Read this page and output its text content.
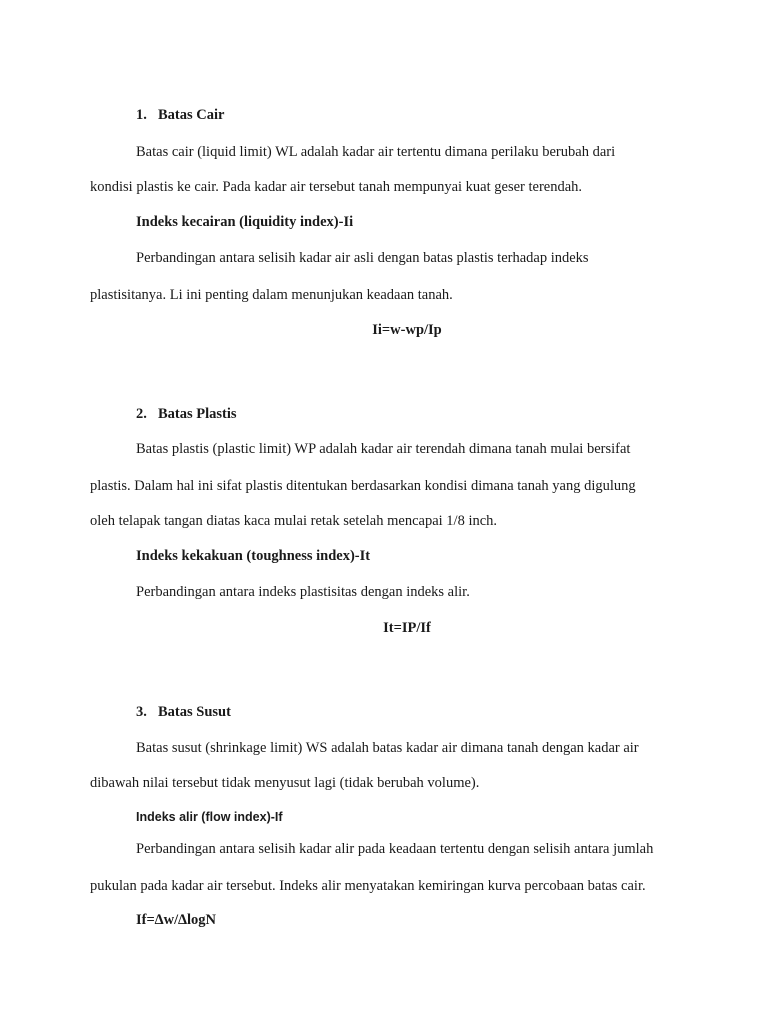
1. Batas Cair
Batas cair (liquid limit) WL adalah kadar air tertentu dimana perilaku berubah dari
kondisi plastis ke cair. Pada kadar air tersebut tanah mempunyai kuat geser terendah.
Indeks kecairan (liquidity index)-Ii
Perbandingan antara selisih kadar air asli dengan batas plastis terhadap indeks
plastisitanya. Li ini penting dalam menunjukan keadaan tanah.
Ii=w-wp/Ip
2. Batas Plastis
Batas plastis (plastic limit) WP adalah kadar air terendah dimana tanah mulai bersifat
plastis. Dalam hal ini sifat plastis ditentukan berdasarkan kondisi dimana tanah yang digulung
oleh telapak tangan diatas kaca mulai retak setelah mencapai 1/8 inch.
Indeks kekakuan (toughness index)-It
Perbandingan antara indeks plastisitas dengan indeks alir.
It=IP/If
3. Batas Susut
Batas susut (shrinkage limit) WS adalah batas kadar air dimana tanah dengan kadar air
dibawah nilai tersebut tidak menyusut lagi (tidak berubah volume).
Indeks alir (flow index)-If
Perbandingan antara selisih kadar alir pada keadaan tertentu dengan selisih antara jumlah
pukulan pada kadar air tersebut. Indeks alir menyatakan kemiringan kurva percobaan batas cair.
If=∆w/∆logN
